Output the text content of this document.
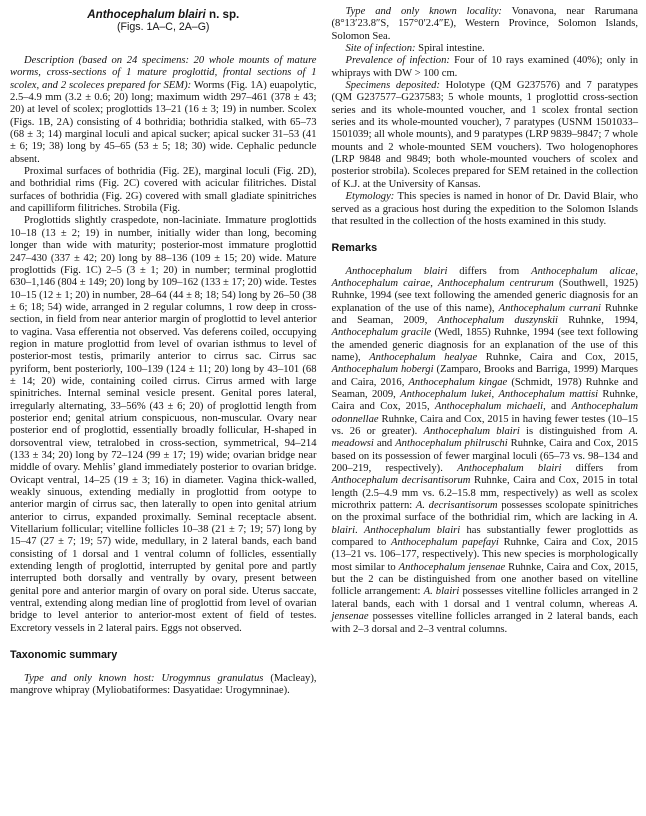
Anthocephalum blairi n. sp.

(Figs. 1A–C, 2A–G)

Description (based on 24 specimens: 20 whole mounts of mature worms, cross-sections of 1 mature proglottid, frontal sections of 1 scolex, and 2 scoleces prepared for SEM): Worms (Fig. 1A) euapolytic, 2.5–4.9 mm (3.2 ± 0.6; 20) long; maximum width 297–461 (378 ± 43; 20) at level of scolex; proglottids 13–21 (16 ± 3; 19) in number. Scolex (Figs. 1B, 2A) consisting of 4 bothridia; bothridia stalked, with 65–73 (68 ± 3; 14) marginal loculi and apical sucker; apical sucker 31–53 (41 ± 6; 19; 38) long by 45–65 (53 ± 5; 18; 30) wide. Cephalic peduncle absent.

Proximal surfaces of bothridia (Fig. 2E), marginal loculi (Fig. 2D), and bothridial rims (Fig. 2C) covered with acicular filitriches. Distal surfaces of bothridia (Fig. 2G) covered with small gladiate spinitriches and capilliform filitriches. Strobila (Fig.

Proglottids slightly craspedote, non-laciniate. Immature proglottids 10–18 (13 ± 2; 19) in number, initially wider than long, becoming longer than wide with maturity; posterior-most immature proglottid 247–430 (337 ± 42; 20) long by 88–136 (109 ± 15; 20) wide. Mature proglottids (Fig. 1C) 2–5 (3 ± 1; 20) in number; terminal proglottid 630–1,146 (804 ± 149; 20) long by 109–162 (133 ± 17; 20) wide. Testes 10–15 (12 ± 1; 20) in number, 28–64 (44 ± 8; 18; 54) long by 26–50 (38 ± 6; 18; 54) wide, arranged in 2 regular columns, 1 row deep in cross-section, in field from near anterior margin of proglottid to level anterior to vagina. Vasa efferentia not observed. Vas deferens coiled, occupying region in mature proglottid from level of ovarian isthmus to level of posterior-most testis, primarily anterior to cirrus sac. Cirrus sac pyriform, bent posteriorly, 100–139 (124 ± 11; 20) long by 43–101 (68 ± 14; 20) wide, containing coiled cirrus. Cirrus armed with large spinitriches. Internal seminal vesicle present. Genital pores lateral, irregularly alternating, 33–56% (43 ± 6; 20) of proglottid length from posterior end; genital atrium conspicuous, non-muscular. Ovary near posterior end of proglottid, essentially broadly follicular, H-shaped in dorsoventral view, tetralobed in cross-section, symmetrical, 94–214 (133 ± 34; 20) long by 72–124 (99 ± 17; 19) wide; ovarian bridge near middle of ovary. Mehlis’ gland immediately posterior to ovarian bridge. Ovicapt ventral, 14–25 (19 ± 3; 16) in diameter. Vagina thick-walled, weakly sinuous, extending medially in proglottid from ootype to anterior margin of cirrus sac, then laterally to open into genital atrium anterior to cirrus, expanded proximally. Seminal receptacle absent. Vitellarium follicular; vitelline follicles 10–38 (21 ± 7; 19; 57) long by 15–47 (27 ± 7; 19; 57) wide, medullary, in 2 lateral bands, each band consisting of 1 dorsal and 1 ventral column of follicles, essentially extending length of proglottid, interrupted by genital pore and partly interrupted both dorsally and ventrally by ovary, present between genital pore and anterior margin of ovary on poral side. Uterus saccate, ventral, extending along median line of proglottid from level of ovarian bridge to level anterior to anterior-most extent of field of testes. Excretory vessels in 2 lateral pairs. Eggs not observed.

Taxonomic summary

Type and only known host: Urogymnus granulatus (Macleay), mangrove whipray (Myliobatiformes: Dasyatidae: Urogymninae).

Type and only known locality: Vonavona, near Rarumana (8°13′23.8″S, 157°0′2.4″E), Western Province, Solomon Islands, Solomon Sea.

Site of infection: Spiral intestine.

Prevalence of infection: Four of 10 rays examined (40%); only in whiprays with DW > 100 cm.

Specimens deposited: Holotype (QM G237576) and 7 paratypes (QM G237577–G237583; 5 whole mounts, 1 proglottid cross-section series and its whole-mounted voucher, and 1 scolex frontal section series and its whole-mounted voucher), 7 paratypes (USNM 1501033–1501039; all whole mounts), and 9 paratypes (LRP 9839–9847; 7 whole mounts and 2 whole-mounted SEM vouchers). Two hologenophores (LRP 9848 and 9849; both whole-mounted vouchers of scolex and posterior strobila). Scoleces prepared for SEM retained in the collection of K.J. at the University of Kansas.

Etymology: This species is named in honor of Dr. David Blair, who served as a gracious host during the expedition to the Solomon Islands that resulted in the collection of the hosts examined in this study.

Remarks

Anthocephalum blairi differs from Anthocephalum alicae, Anthocephalum cairae, Anthocephalum centrurum (Southwell, 1925) Ruhnke, 1994 (see text following the amended generic diagnosis for an explanation of the use of this name), Anthocephalum currani Ruhnke and Seaman, 2009, Anthocephalum duszynskii Ruhnke, 1994, Anthocephalum gracile (Wedl, 1855) Ruhnke, 1994 (see text following the amended generic diagnosis for an explanation of the use of this name), Anthocephalum healyae Ruhnke, Caira and Cox, 2015, Anthocephalum hobergi (Zamparo, Brooks and Barriga, 1999) Marques and Caira, 2016, Anthocephalum kingae (Schmidt, 1978) Ruhnke and Seaman, 2009, Anthocephalum lukei, Anthocephalum mattisi Ruhnke, Caira and Cox, 2015, Anthocephalum michaeli, and Anthocephalum odonnellae Ruhnke, Caira and Cox, 2015 in having fewer testes (10–15 vs. 26 or greater). Anthocephalum blairi is distinguished from A. meadowsi and Anthocephalum philruschi Ruhnke, Caira and Cox, 2015 based on its possession of fewer marginal loculi (65–73 vs. 98–134 and 200–219, respectively). Anthocephalum blairi differs from Anthocephalum decrisantisorum Ruhnke, Caira and Cox, 2015 in total length (2.5–4.9 mm vs. 6.2–15.8 mm, respectively) as well as scolex microthrix pattern: A. decrisantisorum possesses scolopate spinitriches on the proximal surface of the bothridial rim, which are lacking in A. blairi. Anthocephalum blairi has substantially fewer proglottids as compared to Anthocephalum papefayi Ruhnke, Caira and Cox, 2015 (13–21 vs. 106–177, respectively). This new species is morphologically most similar to Anthocephalum jensenae Ruhnke, Caira and Cox, 2015, but the 2 can be distinguished from one another based on vitelline follicle arrangement: A. blairi possesses vitelline follicles arranged in 2 lateral bands, each with 1 dorsal and 1 ventral column, whereas A. jensenae possesses vitelline follicles arranged in 2 lateral bands, each with 2–3 dorsal and 2–3 ventral columns.
